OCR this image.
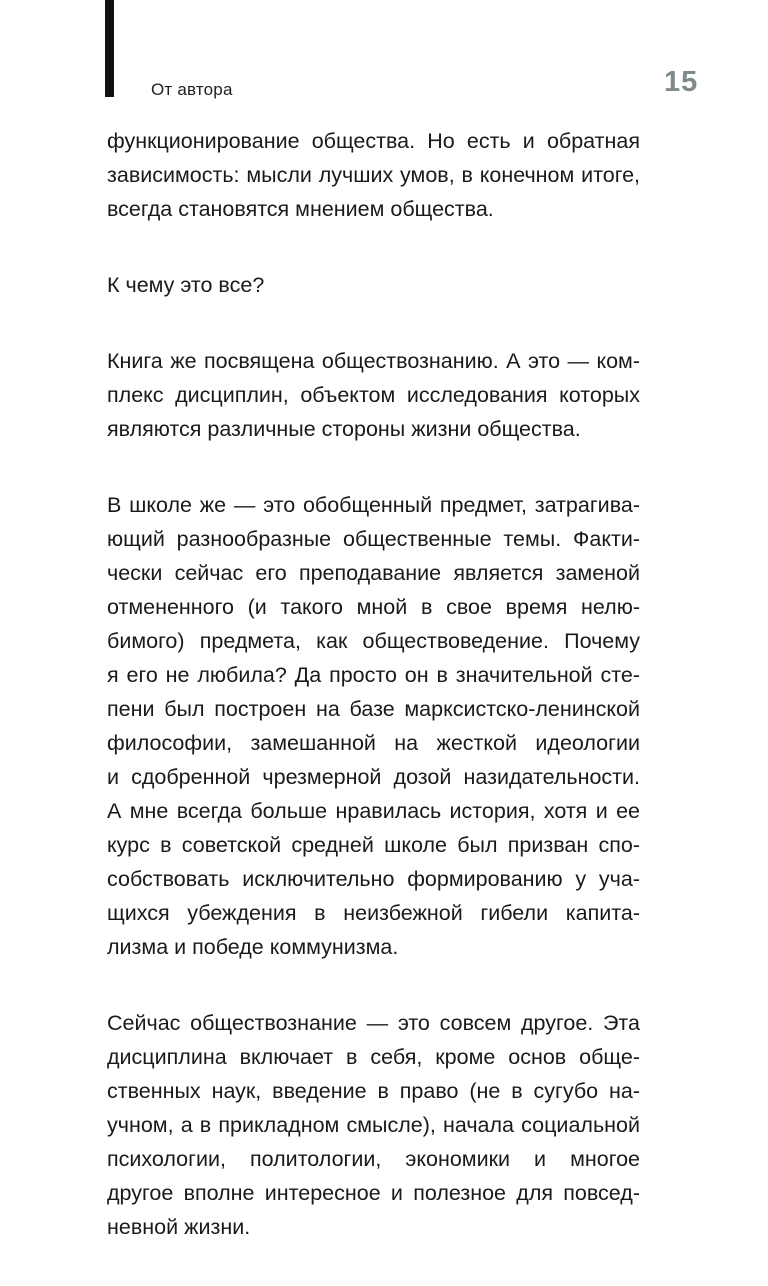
От автора	15
функционирование общества. Но есть и обратная
зависимость: мысли лучших умов, в конечном итоге,
всегда становятся мнением общества.
К чему это все?
Книга же посвящена обществознанию. А это — ком-
плекс дисциплин, объектом исследования которых
являются различные стороны жизни общества.
В школе же — это обобщенный предмет, затрагива-
ющий разнообразные общественные темы. Факти-
чески сейчас его преподавание является заменой
отмененного (и такого мной в свое время нелю-
бимого) предмета, как обществоведение. Почему
я его не любила? Да просто он в значительной сте-
пени был построен на базе марксистско-ленинской
философии, замешанной на жесткой идеологии
и сдобренной чрезмерной дозой назидательности.
А мне всегда больше нравилась история, хотя и ее
курс в советской средней школе был призван спо-
собствовать исключительно формированию у уча-
щихся убеждения в неизбежной гибели капита-
лизма и победе коммунизма.
Сейчас обществознание — это совсем другое. Эта
дисциплина включает в себя, кроме основ обще-
ственных наук, введение в право (не в сугубо на-
учном, а в прикладном смысле), начала социальной
психологии, политологии, экономики и многое
другое вполне интересное и полезное для повсед-
невной жизни.
